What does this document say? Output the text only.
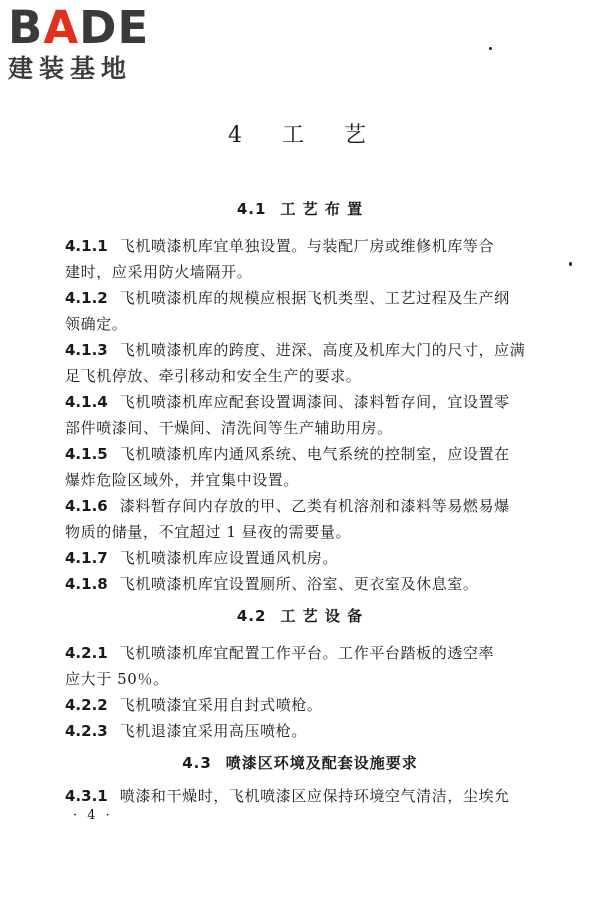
BADE
建装基地
4 工 艺
4.1 工 艺 布 置
4.1.1 飞机喷漆机库宜单独设置。与装配厂房或维修机库等合
建时，应采用防火墙隔开。
4.1.2 飞机喷漆机库的规模应根据飞机类型、工艺过程及生产纲
领确定。
4.1.3 飞机喷漆机库的跨度、进深、高度及机库大门的尺寸，应满
足飞机停放、牵引移动和安全生产的要求。
4.1.4 飞机喷漆机库应配套设置调漆间、漆料暂存间，宜设置零
部件喷漆间、干燥间、清洗间等生产辅助用房。
4.1.5 飞机喷漆机库内通风系统、电气系统的控制室，应设置在
爆炸危险区域外，并宜集中设置。
4.1.6 漆料暂存间内存放的甲、乙类有机溶剂和漆料等易燃易爆
物质的储量，不宜超过 1 昼夜的需要量。
4.1.7 飞机喷漆机库应设置通风机房。
4.1.8 飞机喷漆机库宜设置厕所、浴室、更衣室及休息室。
4.2 工 艺 设 备
4.2.1 飞机喷漆机库宜配置工作平台。工作平台踏板的透空率
应大于 50％。
4.2.2 飞机喷漆宜采用自封式喷枪。
4.2.3 飞机退漆宜采用高压喷枪。
4.3 喷漆区环境及配套设施要求
4.3.1 喷漆和干燥时，飞机喷漆区应保持环境空气清洁，尘埃允
· 4 ·
